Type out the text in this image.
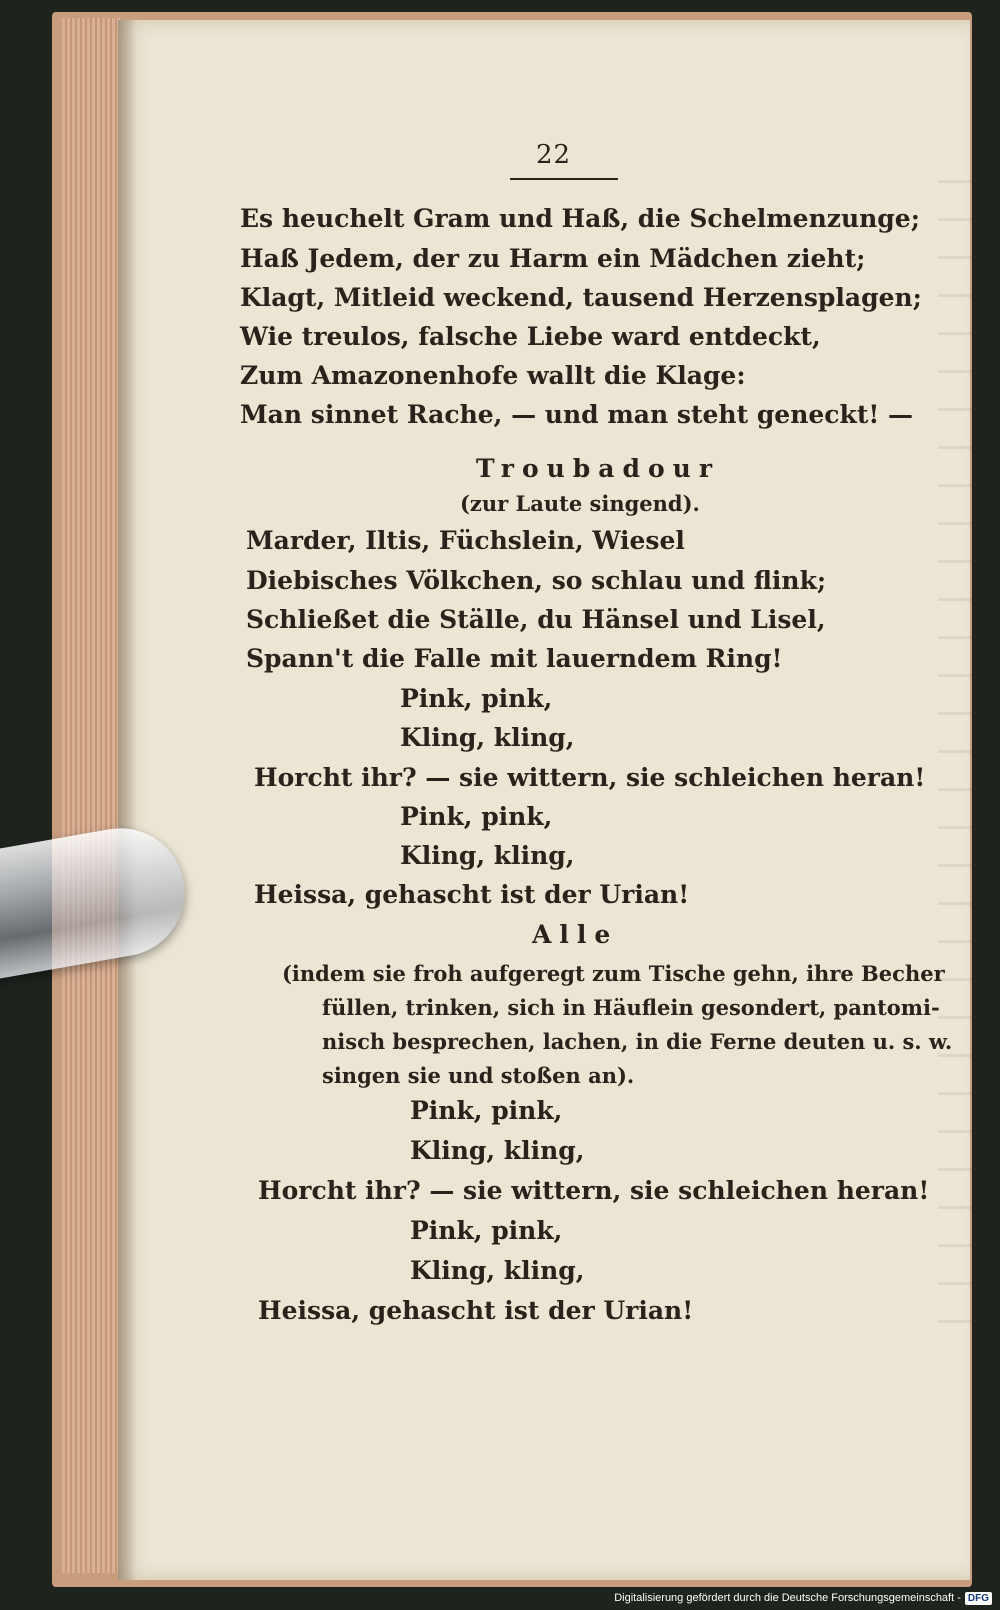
22
Es heuchelt Gram und Haß, die Schelmenzunge;
Haß Jedem, der zu Harm ein Mädchen zieht;
Klagt, Mitleid weckend, tausend Herzensplagen;
Wie treulos, falsche Liebe ward entdeckt,
Zum Amazonenhofe wallt die Klage:
Man sinnet Rache, — und man steht geneckt! —
Troubadour
(zur Laute singend).
Marder, Iltis, Füchslein, Wiesel
Diebisches Völkchen, so schlau und flink;
Schließet die Ställe, du Hänsel und Lisel,
Spann't die Falle mit lauerndem Ring!
Pink, pink,
Kling, kling,
Horcht ihr? — sie wittern, sie schleichen heran!
Pink, pink,
Kling, kling,
Heissa, gehascht ist der Urian!
Alle
(indem sie froh aufgeregt zum Tische gehn, ihre Becher
füllen, trinken, sich in Häuflein gesondert, pantomi-
nisch besprechen, lachen, in die Ferne deuten u. s. w.
singen sie und stoßen an).
Pink, pink,
Kling, kling,
Horcht ihr? — sie wittern, sie schleichen heran!
Pink, pink,
Kling, kling,
Heissa, gehascht ist der Urian!
Digitalisierung gefördert durch die Deutsche Forschungsgemeinschaft - DFG
